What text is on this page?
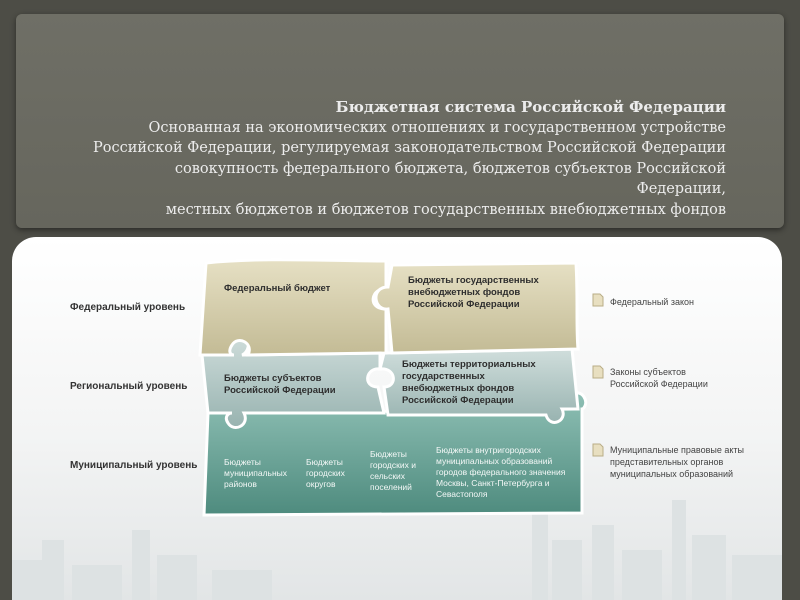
Бюджетная система Российской Федерации
Основанная на экономических отношениях и государственном устройстве
Российской Федерации, регулируемая законодательством Российской Федерации
совокупность федерального бюджета, бюджетов субъектов Российской Федерации,
местных бюджетов и бюджетов государственных внебюджетных фондов
Федеральный уровень
Региональный уровень
Муниципальный уровень
Федеральный бюджет
Бюджеты государственных
внебюджетных фондов
Российской Федерации
Бюджеты субъектов
Российской Федерации
Бюджеты территориальных
государственных
внебюджетных фондов
Российской Федерации
Бюджеты
муниципальных
районов
Бюджеты
городских
округов
Бюджеты
городских и
сельских
поселений
Бюджеты внутригородских
муниципальных образований
городов федерального значения
Москвы, Санкт-Петербурга и
Севастополя
Федеральный закон
Законы субъектов
Российской Федерации
Муниципальные правовые акты
представительных органов
муниципальных образований
